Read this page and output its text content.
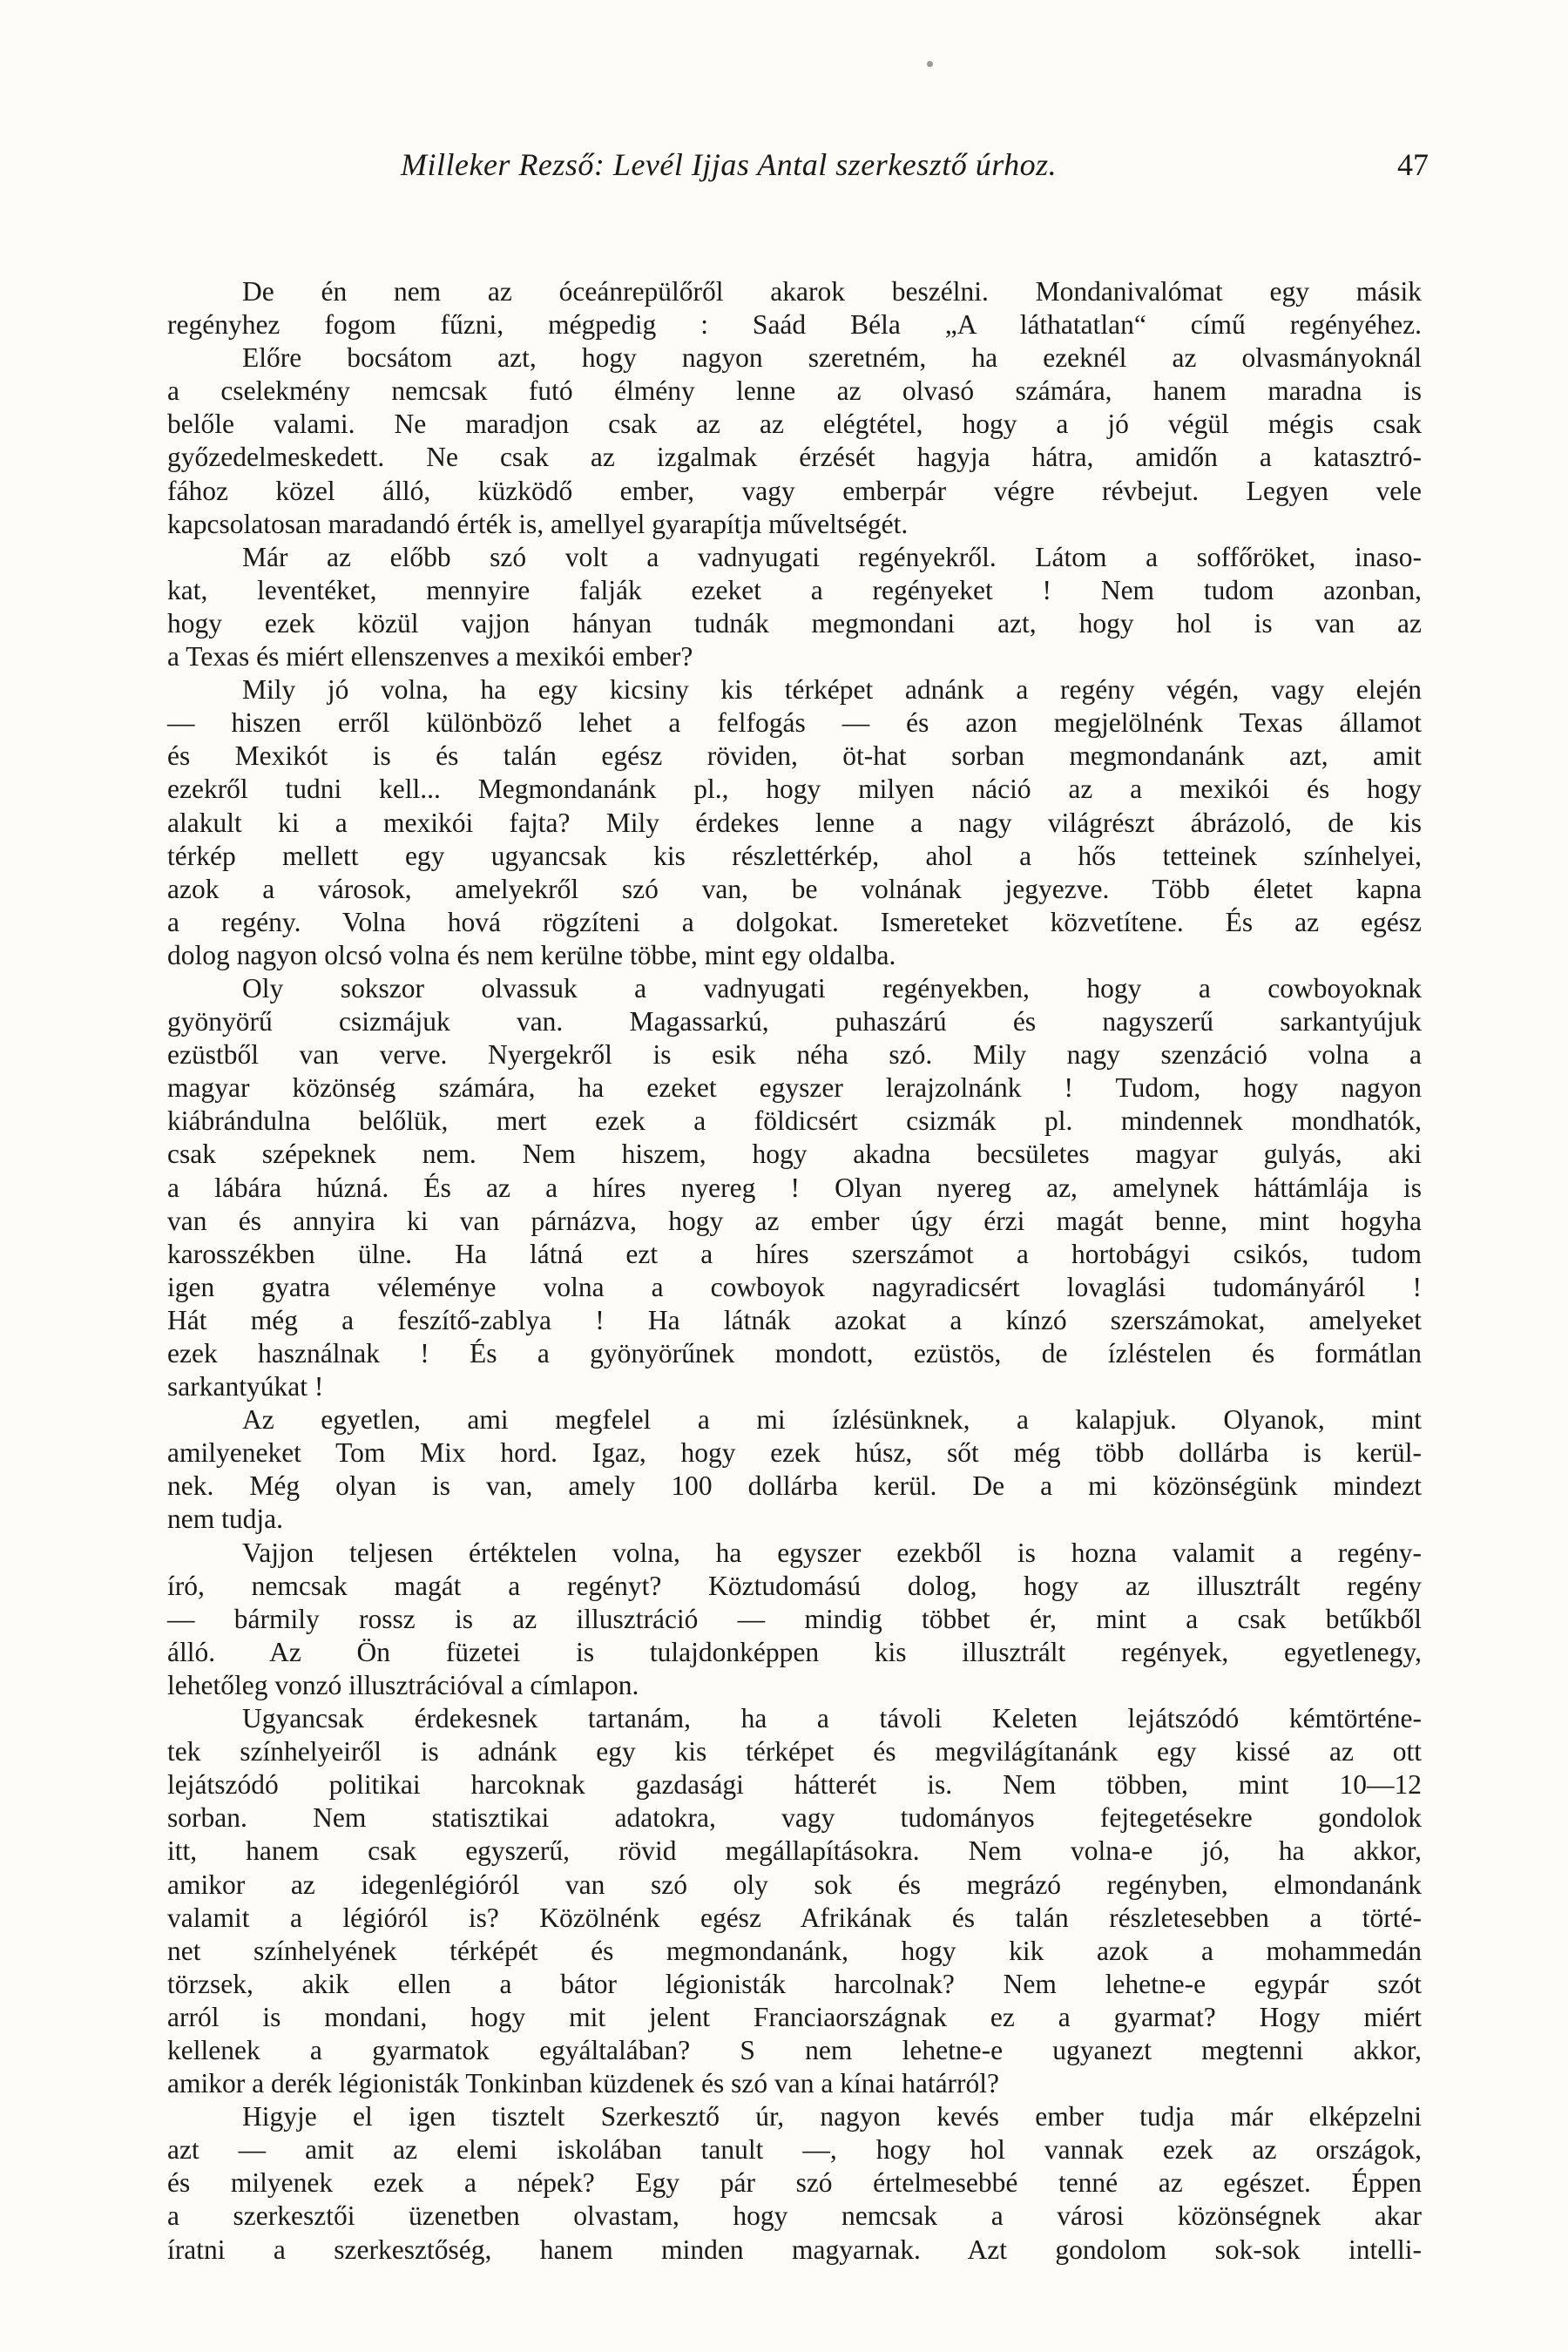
Milleker Rezső: Levél Ijjas Antal szerkesztő úrhoz.	47
De én nem az óceánrepülőről akarok beszélni. Mondanivalómat egy másik
regényhez fogom fűzni, mégpedig : Saád Béla „A láthatatlan“ című regényéhez.
Előre bocsátom azt, hogy nagyon szeretném, ha ezeknél az olvasmányoknál
a cselekmény nemcsak futó élmény lenne az olvasó számára, hanem maradna is
belőle valami. Ne maradjon csak az az elégtétel, hogy a jó végül mégis csak
győzedelmeskedett. Ne csak az izgalmak érzését hagyja hátra, amidőn a katasztró-
fához közel álló, küzködő ember, vagy emberpár végre révbejut. Legyen vele
kapcsolatosan maradandó érték is, amellyel gyarapítja műveltségét.
Már az előbb szó volt a vadnyugati regényekről. Látom a soffőröket, inaso-
kat, leventéket, mennyire falják ezeket a regényeket ! Nem tudom azonban,
hogy ezek közül vajjon hányan tudnák megmondani azt, hogy hol is van az
a Texas és miért ellenszenves a mexikói ember?
Mily jó volna, ha egy kicsiny kis térképet adnánk a regény végén, vagy elején
— hiszen erről különböző lehet a felfogás — és azon megjelölnénk Texas államot
és Mexikót is és talán egész röviden, öt-hat sorban megmondanánk azt, amit
ezekről tudni kell... Megmondanánk pl., hogy milyen náció az a mexikói és hogy
alakult ki a mexikói fajta? Mily érdekes lenne a nagy világrészt ábrázoló, de kis
térkép mellett egy ugyancsak kis részlettérkép, ahol a hős tetteinek színhelyei,
azok a városok, amelyekről szó van, be volnának jegyezve. Több életet kapna
a regény. Volna hová rögzíteni a dolgokat. Ismereteket közvetítene. És az egész
dolog nagyon olcsó volna és nem kerülne többe, mint egy oldalba.
Oly sokszor olvassuk a vadnyugati regényekben, hogy a cowboyoknak
gyönyörű csizmájuk van. Magassarkú, puhaszárú és nagyszerű sarkantyújuk
ezüstből van verve. Nyergekről is esik néha szó. Mily nagy szenzáció volna a
magyar közönség számára, ha ezeket egyszer lerajzolnánk ! Tudom, hogy nagyon
kiábrándulna belőlük, mert ezek a földicsért csizmák pl. mindennek mondhatók,
csak szépeknek nem. Nem hiszem, hogy akadna becsületes magyar gulyás, aki
a lábára húzná. És az a híres nyereg ! Olyan nyereg az, amelynek háttámlája is
van és annyira ki van párnázva, hogy az ember úgy érzi magát benne, mint hogyha
karosszékben ülne. Ha látná ezt a híres szerszámot a hortobágyi csikós, tudom
igen gyatra véleménye volna a cowboyok nagyradicsért lovaglási tudományáról !
Hát még a feszítő-zablya ! Ha látnák azokat a kínzó szerszámokat, amelyeket
ezek használnak ! És a gyönyörűnek mondott, ezüstös, de ízléstelen és formátlan
sarkantyúkat !
Az egyetlen, ami megfelel a mi ízlésünknek, a kalapjuk. Olyanok, mint
amilyeneket Tom Mix hord. Igaz, hogy ezek húsz, sőt még több dollárba is kerül-
nek. Még olyan is van, amely 100 dollárba kerül. De a mi közönségünk mindezt
nem tudja.
Vajjon teljesen értéktelen volna, ha egyszer ezekből is hozna valamit a regény-
író, nemcsak magát a regényt? Köztudomású dolog, hogy az illusztrált regény
— bármily rossz is az illusztráció — mindig többet ér, mint a csak betűkből
álló. Az Ön füzetei is tulajdonképpen kis illusztrált regények, egyetlenegy,
lehetőleg vonzó illusztrációval a címlapon.
Ugyancsak érdekesnek tartanám, ha a távoli Keleten lejátszódó kémtörténe-
tek színhelyeiről is adnánk egy kis térképet és megvilágítanánk egy kissé az ott
lejátszódó politikai harcoknak gazdasági hátterét is. Nem többen, mint 10—12
sorban. Nem statisztikai adatokra, vagy tudományos fejtegetésekre gondolok
itt, hanem csak egyszerű, rövid megállapításokra. Nem volna-e jó, ha akkor,
amikor az idegenlégióról van szó oly sok és megrázó regényben, elmondanánk
valamit a légióról is? Közölnénk egész Afrikának és talán részletesebben a törté-
net színhelyének térképét és megmondanánk, hogy kik azok a mohammedán
törzsek, akik ellen a bátor légionisták harcolnak? Nem lehetne-e egypár szót
arról is mondani, hogy mit jelent Franciaországnak ez a gyarmat? Hogy miért
kellenek a gyarmatok egyáltalában? S nem lehetne-e ugyanezt megtenni akkor,
amikor a derék légionisták Tonkinban küzdenek és szó van a kínai határról?
Higyje el igen tisztelt Szerkesztő úr, nagyon kevés ember tudja már elképzelni
azt — amit az elemi iskolában tanult —, hogy hol vannak ezek az országok,
és milyenek ezek a népek? Egy pár szó értelmesebbé tenné az egészet. Éppen
a szerkesztői üzenetben olvastam, hogy nemcsak a városi közönségnek akar
íratni a szerkesztőség, hanem minden magyarnak. Azt gondolom sok-sok intelli-
